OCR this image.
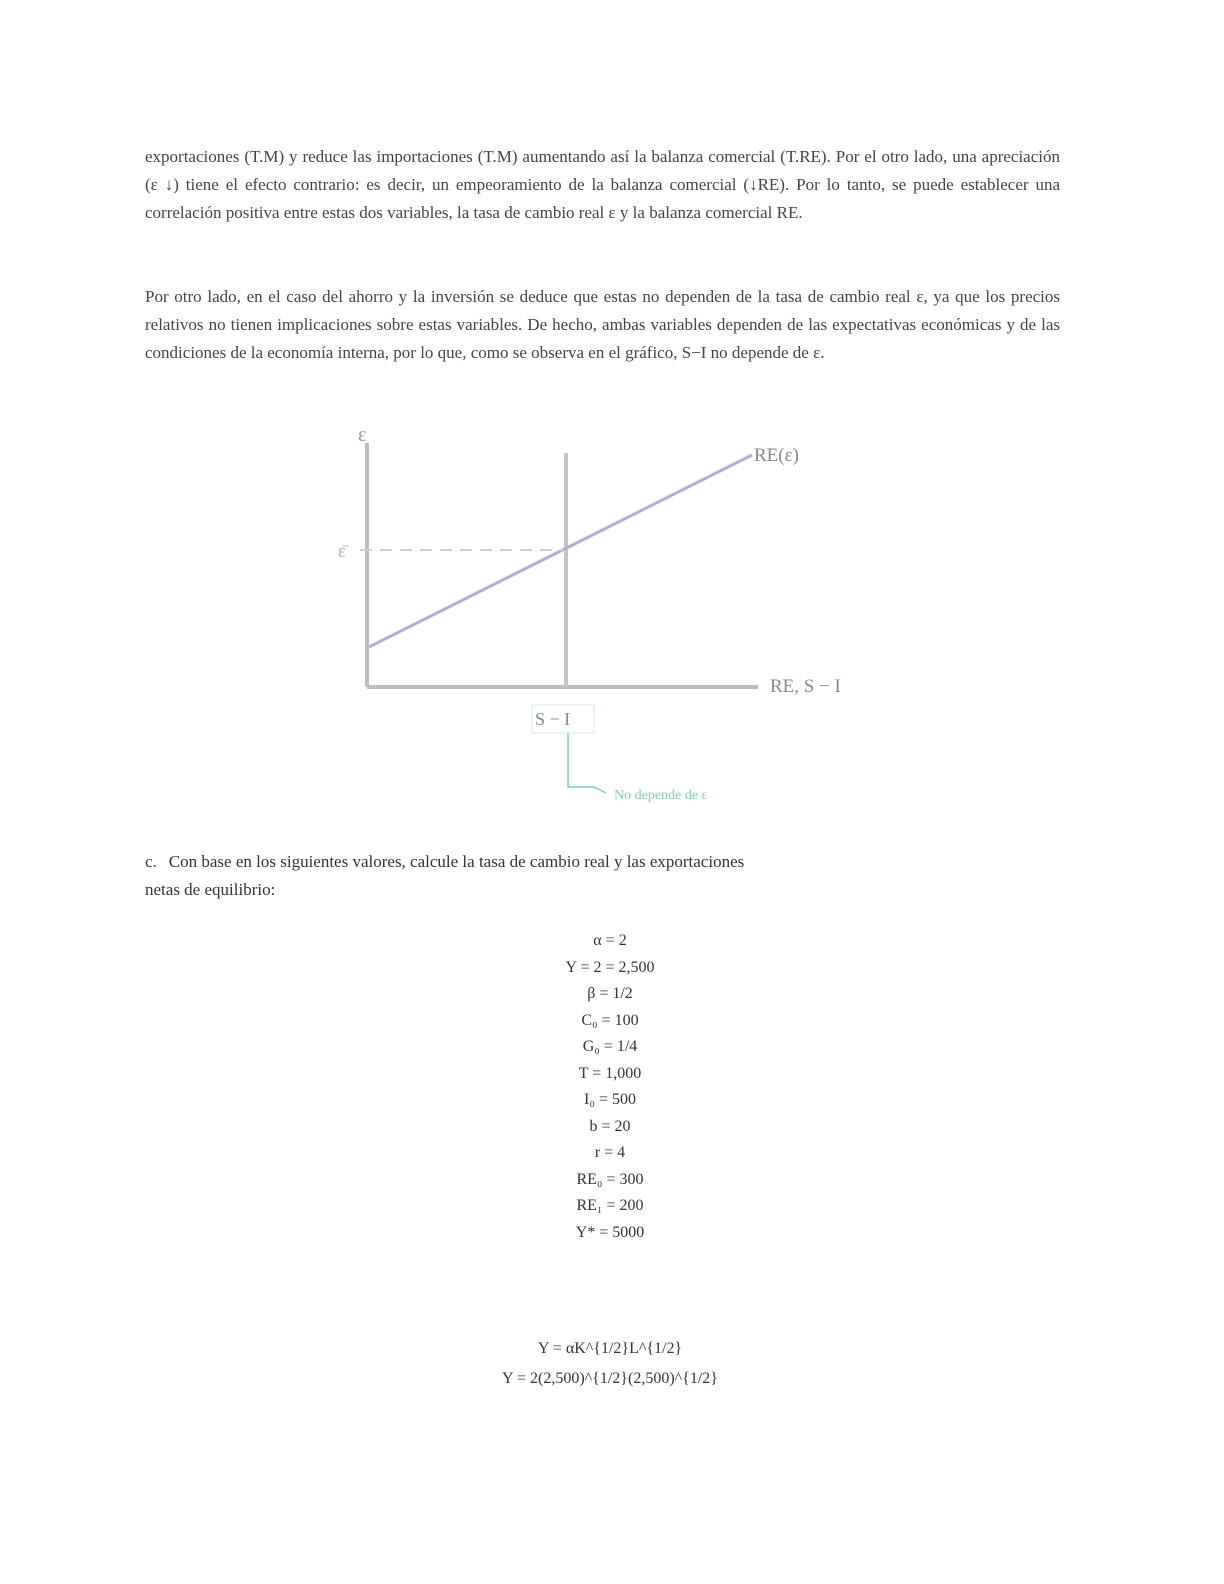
exportaciones (T.M) y reduce las importaciones (T.M) aumentando así la balanza comercial (T.RE). Por el otro lado, una apreciación (ε ↓) tiene el efecto contrario: es decir, un empeoramiento de la balanza comercial (↓RE). Por lo tanto, se puede establecer una correlación positiva entre estas dos variables, la tasa de cambio real ε y la balanza comercial RE.

Por otro lado, en el caso del ahorro y la inversión se deduce que estas no dependen de la tasa de cambio real ε, ya que los precios relativos no tienen implicaciones sobre estas variables. De hecho, ambas variables dependen de las expectativas económicas y de las condiciones de la economía interna, por lo que, como se observa en el gráfico, S−I no depende de ε.

ε
RE(ε)
ε̄
RE, S − I
S − I
No depende de ε
c. Con base en los siguientes valores, calcule la tasa de cambio real y las exportaciones
netas de equilibrio:
α = 2
Y = 2 = 2,500
β = 1/2
C₀ = 100
G₀ = 1/4
T = 1,000
I₀ = 500
b = 20
r = 4
RE₀ = 300
RE₁ = 200
Y* = 5000
Y = αK^{1/2}L^{1/2}
Y = 2(2,500)^{1/2}(2,500)^{1/2}
